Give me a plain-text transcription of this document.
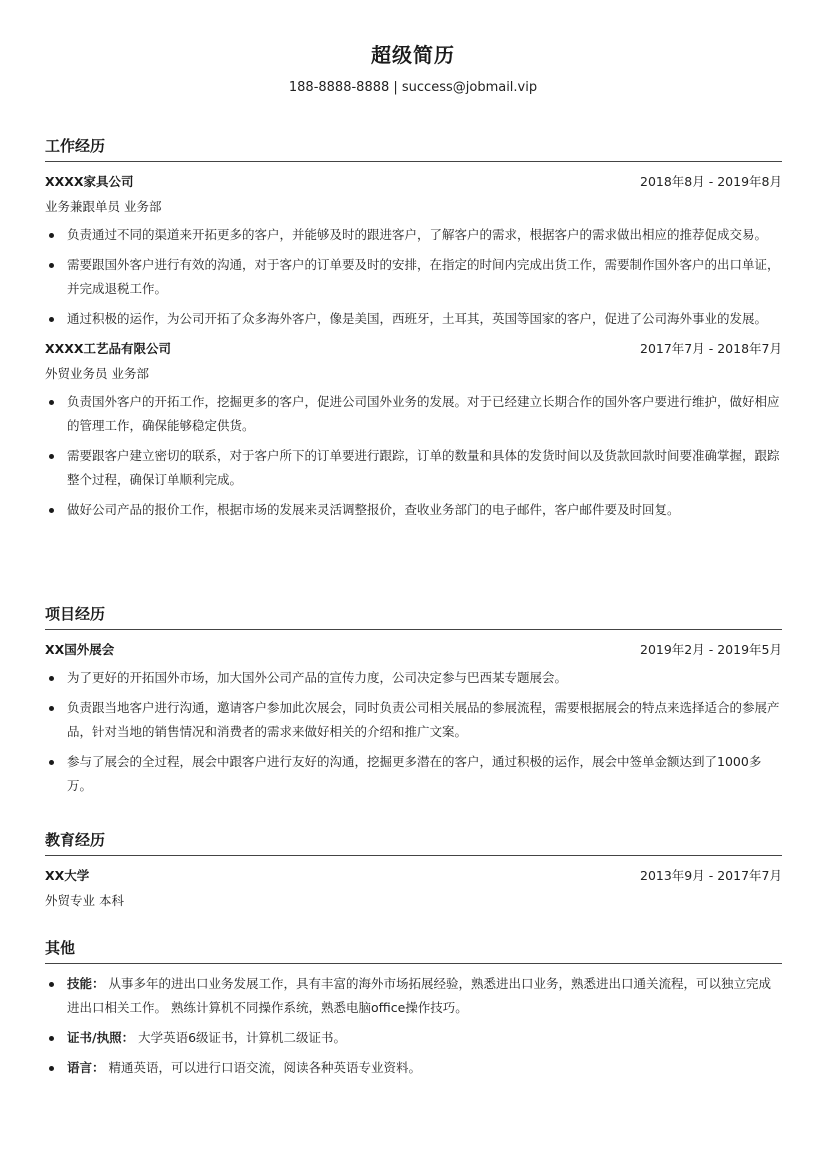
超级简历
188-8888-8888 | success@jobmail.vip
工作经历
XXXX家具公司	2018年8月 - 2019年8月
业务兼跟单员 业务部
负责通过不同的渠道来开拓更多的客户，并能够及时的跟进客户，了解客户的需求，根据客户的需求做出相应的推荐促成交易。
需要跟国外客户进行有效的沟通，对于客户的订单要及时的安排，在指定的时间内完成出货工作，需要制作国外客户的出口单证，并完成退税工作。
通过积极的运作，为公司开拓了众多海外客户，像是美国，西班牙，土耳其，英国等国家的客户，促进了公司海外事业的发展。
XXXX工艺品有限公司	2017年7月 - 2018年7月
外贸业务员 业务部
负责国外客户的开拓工作，挖掘更多的客户，促进公司国外业务的发展。对于已经建立长期合作的国外客户要进行维护，做好相应的管理工作，确保能够稳定供货。
需要跟客户建立密切的联系，对于客户所下的订单要进行跟踪，订单的数量和具体的发货时间以及货款回款时间要准确掌握，跟踪整个过程，确保订单顺利完成。
做好公司产品的报价工作，根据市场的发展来灵活调整报价，查收业务部门的电子邮件，客户邮件要及时回复。
项目经历
XX国外展会	2019年2月 - 2019年5月
为了更好的开拓国外市场，加大国外公司产品的宣传力度，公司决定参与巴西某专题展会。
负责跟当地客户进行沟通，邀请客户参加此次展会，同时负责公司相关展品的参展流程，需要根据展会的特点来选择适合的参展产品，针对当地的销售情况和消费者的需求来做好相关的介绍和推广文案。
参与了展会的全过程，展会中跟客户进行友好的沟通，挖掘更多潜在的客户，通过积极的运作，展会中签单金额达到了1000多万。
教育经历
XX大学	2013年9月 - 2017年7月
外贸专业 本科
其他
技能： 从事多年的进出口业务发展工作，具有丰富的海外市场拓展经验，熟悉进出口业务，熟悉进出口通关流程，可以独立完成进出口相关工作。 熟练计算机不同操作系统，熟悉电脑office操作技巧。
证书/执照： 大学英语6级证书，计算机二级证书。
语言： 精通英语，可以进行口语交流，阅读各种英语专业资料。
